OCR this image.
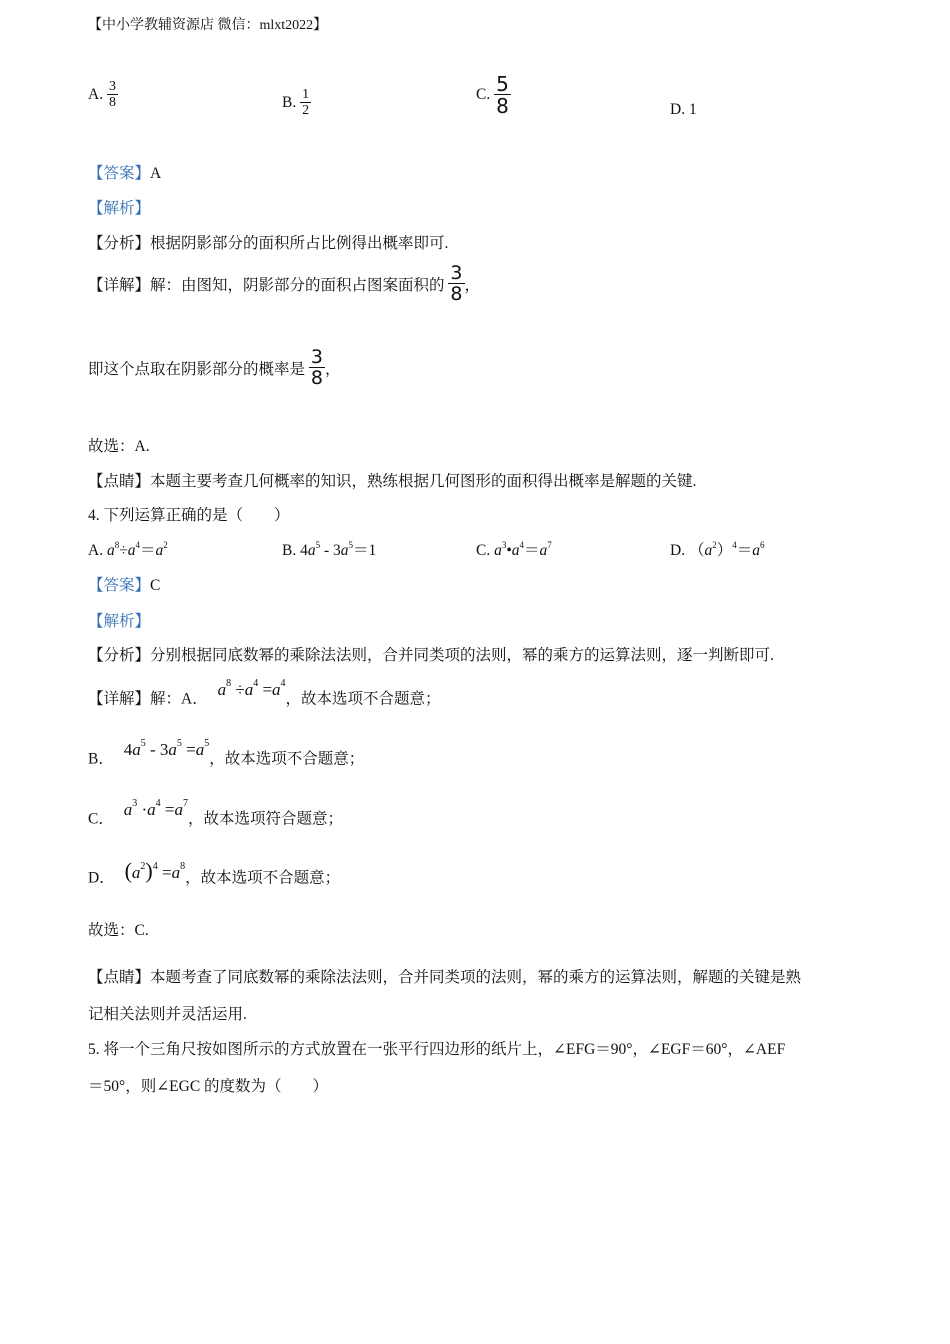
【中小学教辅资源店 微信：mlxt2022】
A. $\frac{3}{8}$	B. $\frac{1}{2}$	C. $\frac{5}{8}$	D. 1
【答案】A
【解析】
【分析】根据阴影部分的面积所占比例得出概率即可.
【详解】解：由图知，阴影部分的面积占图案面积的 $\frac{3}{8}$ ，
即这个点取在阴影部分的概率是 $\frac{3}{8}$ ，
故选：A.
【点睛】本题主要考查几何概率的知识，熟练根据几何图形的面积得出概率是解题的关键.
4. 下列运算正确的是（　　）
A. $a^8\div a^4=a^2$	B. $4a^5 - 3a^5=1$	C. $a^3•a^4=a^7$	D. $(a^2)^4=a^6$
【答案】C
【解析】
【分析】分别根据同底数幂的乘除法法则，合并同类项的法则，幂的乘方的运算法则，逐一判断即可.
【详解】解：A． $a^8 \div a^4 =a^4$，故本选项不合题意；
B． $4a^5 - 3a^5 =a^5$，故本选项不合题意；
C． $a^3 \cdot a^4 =a^7$，故本选项符合题意；
D． $(a^2)^4 =a^8$，故本选项不合题意；
故选：C.
【点睛】本题考查了同底数幂的乘除法法则，合并同类项的法则，幂的乘方的运算法则，解题的关键是熟
记相关法则并灵活运用.
5. 将一个三角尺按如图所示的方式放置在一张平行四边形的纸片上，∠EFG＝90°，∠EGF＝60°，∠AEF
＝50°，则∠EGC 的度数为（　　）
